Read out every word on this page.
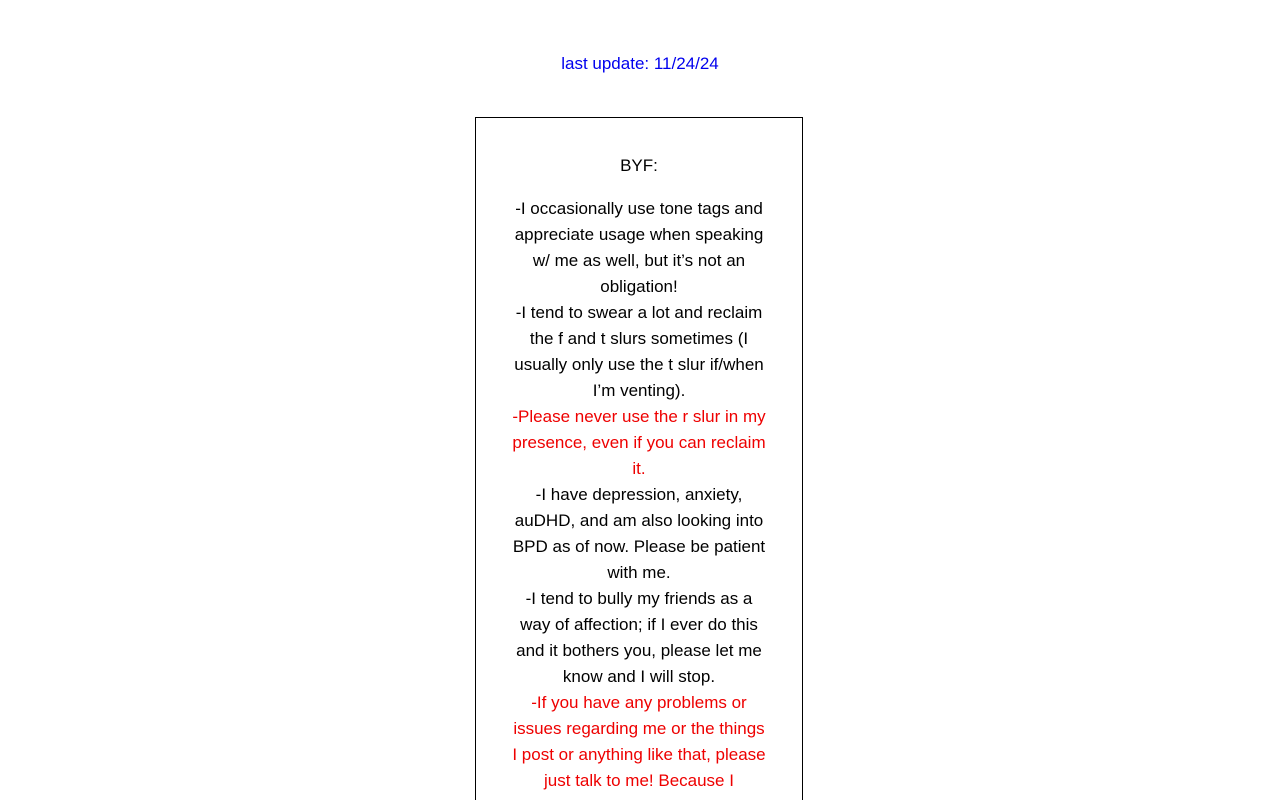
last update: 11/24/24
BYF:
-I occasionally use tone tags and appreciate usage when speaking w/ me as well, but it’s not an obligation!
-I tend to swear a lot and reclaim the f and t slurs sometimes (I usually only use the t slur if/when I’m venting).
-Please never use the r slur in my presence, even if you can reclaim it.
-I have depression, anxiety, auDHD, and am also looking into BPD as of now. Please be patient with me.
-I tend to bully my friends as a way of affection; if I ever do this and it bothers you, please let me know and I will stop.
-If you have any problems or issues regarding me or the things I post or anything like that, please just talk to me! Because I
